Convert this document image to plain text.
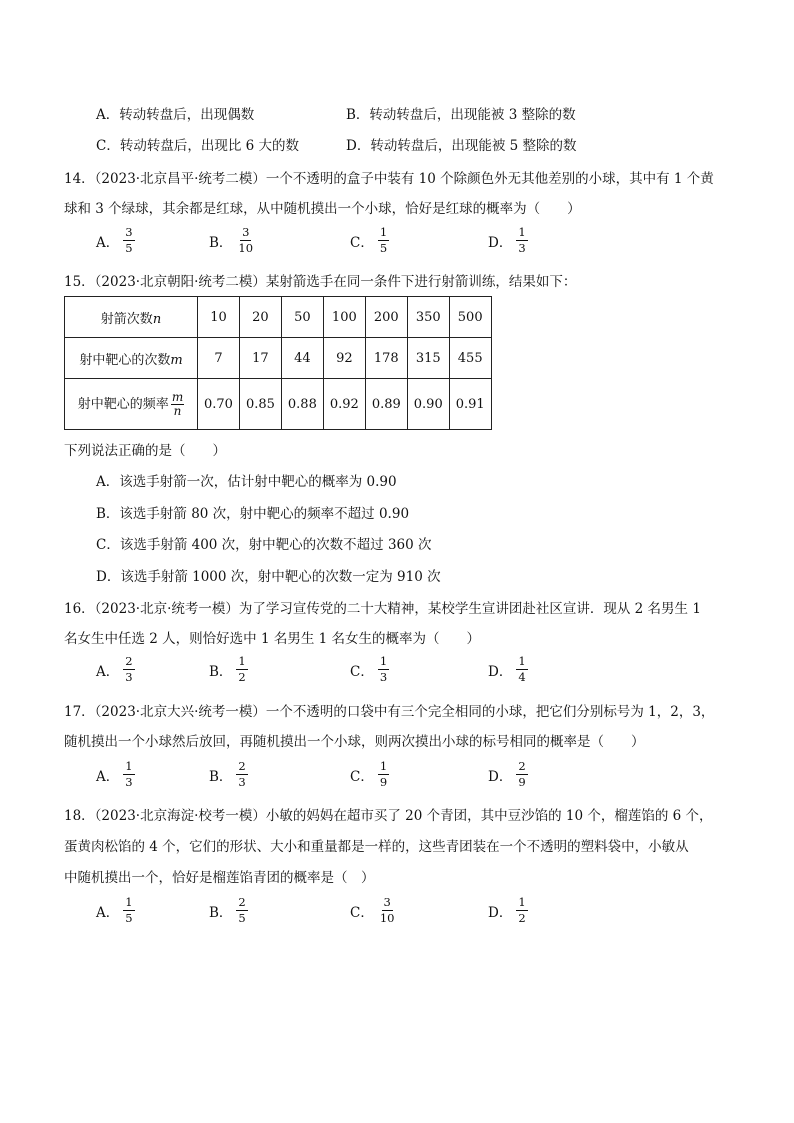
A．转动转盘后，出现偶数	B．转动转盘后，出现能被 3 整除的数
C．转动转盘后，出现比 6 大的数	D．转动转盘后，出现能被 5 整除的数
14．（2023·北京昌平·统考二模）一个不透明的盒子中装有 10 个除颜色外无其他差别的小球，其中有 1 个黄
球和 3 个绿球，其余都是红球，从中随机摸出一个小球，恰好是红球的概率为（　　）
A． $\frac{3}{5}$	B． $\frac{3}{10}$	C． $\frac{1}{5}$	D． $\frac{1}{3}$
15．（2023·北京朝阳·统考二模）某射箭选手在同一条件下进行射箭训练，结果如下：
射箭次数n	10	20	50	100	200	350	500
射中靶心的次数m	7	17	44	92	178	315	455
射中靶心的频率 $\frac{m}{n}$	0.70	0.85	0.88	0.92	0.89	0.90	0.91
下列说法正确的是（　　）
A．该选手射箭一次，估计射中靶心的概率为 0.90
B．该选手射箭 80 次，射中靶心的频率不超过 0.90
C．该选手射箭 400 次，射中靶心的次数不超过 360 次
D．该选手射箭 1000 次，射中靶心的次数一定为 910 次
16．（2023·北京·统考一模）为了学习宣传党的二十大精神，某校学生宣讲团赴社区宣讲．现从 2 名男生 1
名女生中任选 2 人，则恰好选中 1 名男生 1 名女生的概率为（　　）
A． $\frac{2}{3}$	B． $\frac{1}{2}$	C． $\frac{1}{3}$	D． $\frac{1}{4}$
17．（2023·北京大兴·统考一模）一个不透明的口袋中有三个完全相同的小球，把它们分别标号为 1，2，3，
随机摸出一个小球然后放回，再随机摸出一个小球，则两次摸出小球的标号相同的概率是（　　）
A． $\frac{1}{3}$	B． $\frac{2}{3}$	C． $\frac{1}{9}$	D． $\frac{2}{9}$
18．（2023·北京海淀·校考一模）小敏的妈妈在超市买了 20 个青团，其中豆沙馅的 10 个，榴莲馅的 6 个，
蛋黄肉松馅的 4 个，它们的形状、大小和重量都是一样的，这些青团装在一个不透明的塑料袋中，小敏从
中随机摸出一个，恰好是榴莲馅青团的概率是（　）
A． $\frac{1}{5}$	B． $\frac{2}{5}$	C． $\frac{3}{10}$	D． $\frac{1}{2}$
